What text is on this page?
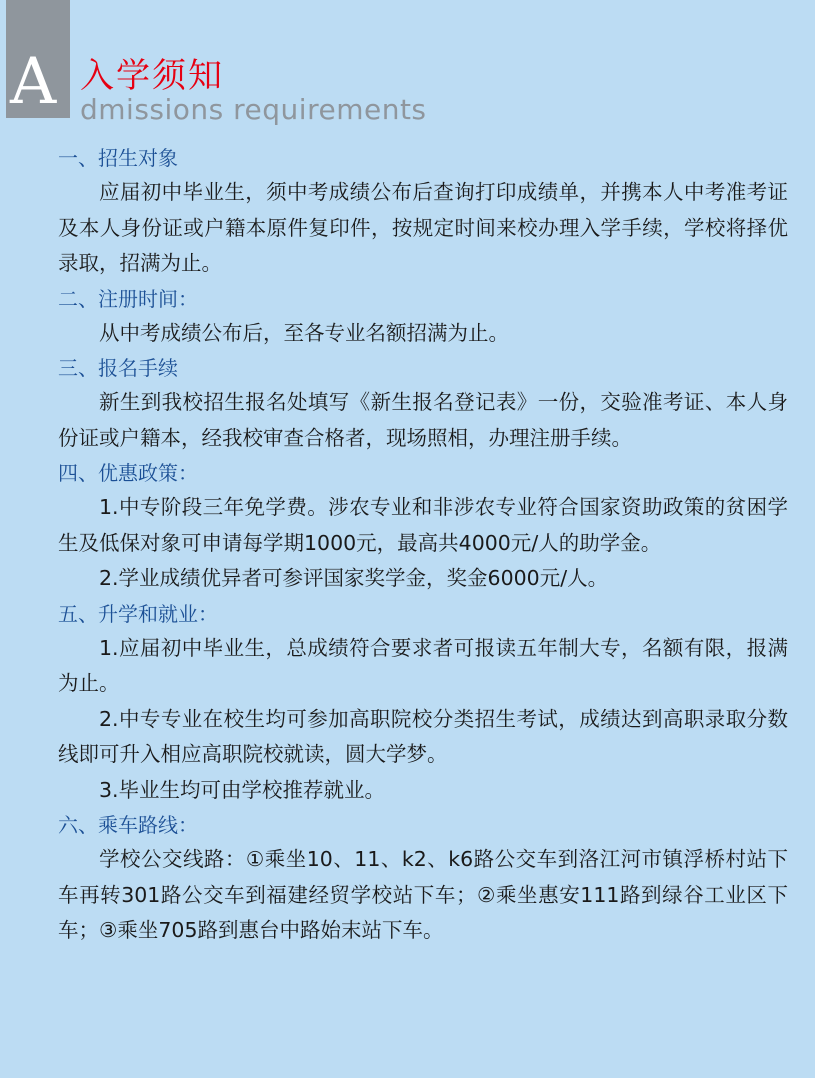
A 入学须知
dmissions requirements
一、招生对象

应届初中毕业生，须中考成绩公布后查询打印成绩单，并携本人中考准考证及本人身份证或户籍本原件复印件，按规定时间来校办理入学手续，学校将择优录取，招满为止。

二、注册时间：

从中考成绩公布后，至各专业名额招满为止。

三、报名手续

新生到我校招生报名处填写《新生报名登记表》一份，交验准考证、本人身份证或户籍本，经我校审查合格者，现场照相，办理注册手续。

四、优惠政策：

1.中专阶段三年免学费。涉农专业和非涉农专业符合国家资助政策的贫困学生及低保对象可申请每学期1000元，最高共4000元/人的助学金。

2.学业成绩优异者可参评国家奖学金，奖金6000元/人。

五、升学和就业：

1.应届初中毕业生，总成绩符合要求者可报读五年制大专，名额有限，报满为止。

2.中专专业在校生均可参加高职院校分类招生考试，成绩达到高职录取分数线即可升入相应高职院校就读，圆大学梦。

3.毕业生均可由学校推荐就业。

六、乘车路线：

学校公交线路：①乘坐10、11、k2、k6路公交车到洛江河市镇浮桥村站下车再转301路公交车到福建经贸学校站下车；②乘坐惠安111路到绿谷工业区下车；③乘坐705路到惠台中路始末站下车。
